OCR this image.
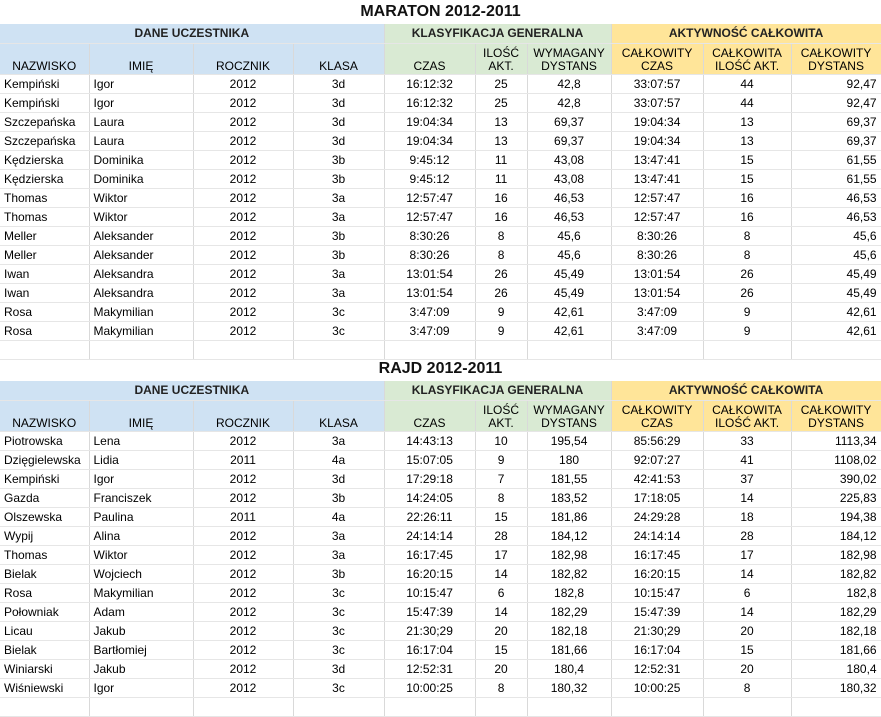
MARATON 2012-2011
DANE UCZESTNIKA				KLASYFIKACJA GENERALNA			AKTYWNOŚĆ CAŁKOWITA		
NAZWISKO	IMIĘ	ROCZNIK	KLASA	CZAS	ILOŚĆ AKT.	WYMAGANY DYSTANS	CAŁKOWITY CZAS	CAŁKOWITA ILOŚĆ AKT.	CAŁKOWITY DYSTANS
Kempiński	Igor	2012	3d	16:12:32	25	42,8	33:07:57	44	92,47
Kempiński	Igor	2012	3d	16:12:32	25	42,8	33:07:57	44	92,47
Szczepańska	Laura	2012	3d	19:04:34	13	69,37	19:04:34	13	69,37
Szczepańska	Laura	2012	3d	19:04:34	13	69,37	19:04:34	13	69,37
Kędzierska	Dominika	2012	3b	9:45:12	11	43,08	13:47:41	15	61,55
Kędzierska	Dominika	2012	3b	9:45:12	11	43,08	13:47:41	15	61,55
Thomas	Wiktor	2012	3a	12:57:47	16	46,53	12:57:47	16	46,53
Thomas	Wiktor	2012	3a	12:57:47	16	46,53	12:57:47	16	46,53
Meller	Aleksander	2012	3b	8:30:26	8	45,6	8:30:26	8	45,6
Meller	Aleksander	2012	3b	8:30:26	8	45,6	8:30:26	8	45,6
Iwan	Aleksandra	2012	3a	13:01:54	26	45,49	13:01:54	26	45,49
Iwan	Aleksandra	2012	3a	13:01:54	26	45,49	13:01:54	26	45,49
Rosa	Makymilian	2012	3c	3:47:09	9	42,61	3:47:09	9	42,61
Rosa	Makymilian	2012	3c	3:47:09	9	42,61	3:47:09	9	42,61

RAJD 2012-2011
DANE UCZESTNIKA				KLASYFIKACJA GENERALNA			AKTYWNOŚĆ CAŁKOWITA		
NAZWISKO	IMIĘ	ROCZNIK	KLASA	CZAS	ILOŚĆ AKT.	WYMAGANY DYSTANS	CAŁKOWITY CZAS	CAŁKOWITA ILOŚĆ AKT.	CAŁKOWITY DYSTANS
Piotrowska	Lena	2012	3a	14:43:13	10	195,54	85:56:29	33	1113,34
Dzięgielewska	Lidia	2011	4a	15:07:05	9	180	92:07:27	41	1108,02
Kempiński	Igor	2012	3d	17:29:18	7	181,55	42:41:53	37	390,02
Gazda	Franciszek	2012	3b	14:24:05	8	183,52	17:18:05	14	225,83
Olszewska	Paulina	2011	4a	22:26:11	15	181,86	24:29:28	18	194,38
Wypij	Alina	2012	3a	24:14:14	28	184,12	24:14:14	28	184,12
Thomas	Wiktor	2012	3a	16:17:45	17	182,98	16:17:45	17	182,98
Bielak	Wojciech	2012	3b	16:20:15	14	182,82	16:20:15	14	182,82
Rosa	Makymilian	2012	3c	10:15:47	6	182,8	10:15:47	6	182,8
Połowniak	Adam	2012	3c	15:47:39	14	182,29	15:47:39	14	182,29
Licau	Jakub	2012	3c	21:30;29	20	182,18	21:30;29	20	182,18
Bielak	Bartłomiej	2012	3c	16:17:04	15	181,66	16:17:04	15	181,66
Winiarski	Jakub	2012	3d	12:52:31	20	180,4	12:52:31	20	180,4
Wiśniewski	Igor	2012	3c	10:00:25	8	180,32	10:00:25	8	180,32
